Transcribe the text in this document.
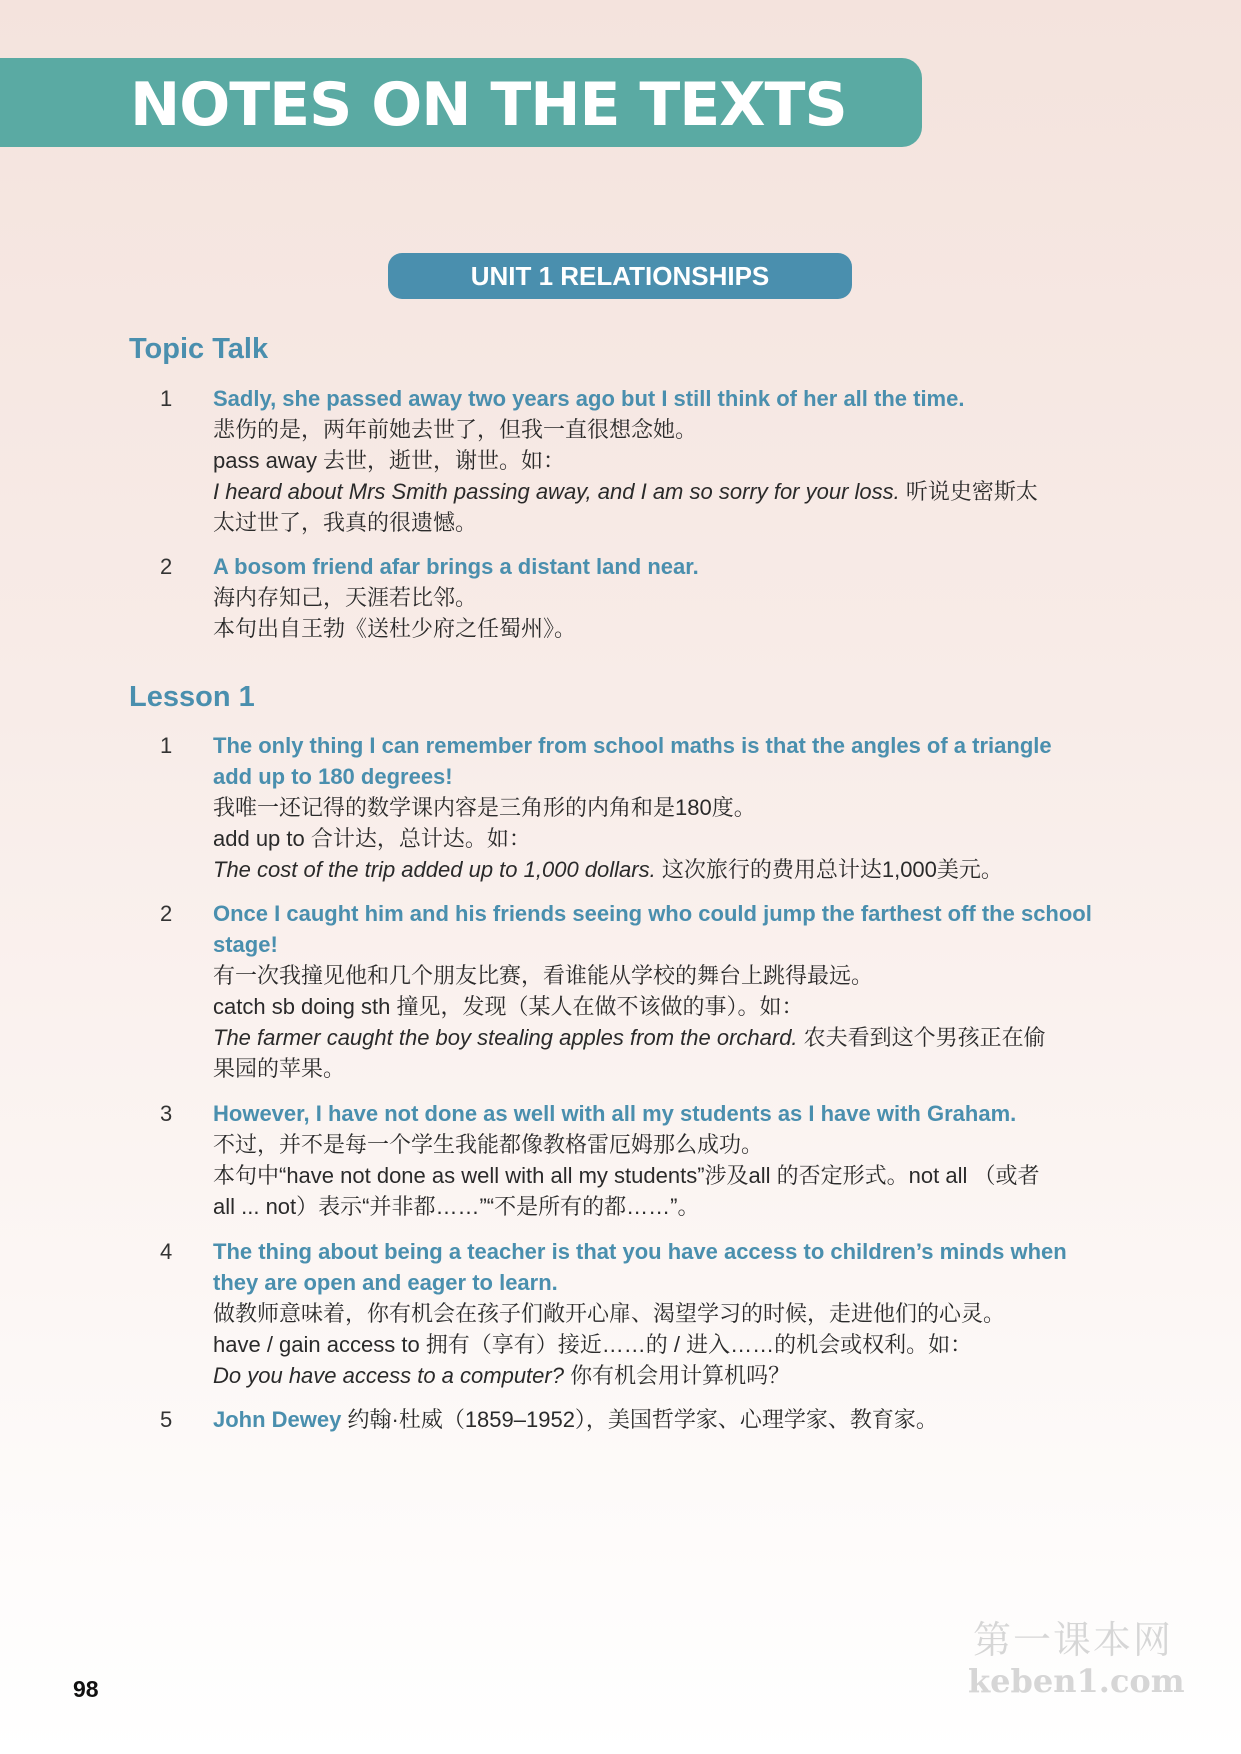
NOTES ON THE TEXTS
UNIT 1 RELATIONSHIPS
Topic Talk
1	Sadly, she passed away two years ago but I still think of her all the time.
悲伤的是，两年前她去世了，但我一直很想念她。
pass away 去世，逝世，谢世。如：
I heard about Mrs Smith passing away, and I am so sorry for your loss. 听说史密斯太
太过世了，我真的很遗憾。
2	A bosom friend afar brings a distant land near.
海内存知己，天涯若比邻。
本句出自王勃《送杜少府之任蜀州》。
Lesson 1
1	The only thing I can remember from school maths is that the angles of a triangle
add up to 180 degrees!
我唯一还记得的数学课内容是三角形的内角和是180度。
add up to 合计达，总计达。如：
The cost of the trip added up to 1,000 dollars. 这次旅行的费用总计达1,000美元。
2	Once I caught him and his friends seeing who could jump the farthest off the school
stage!
有一次我撞见他和几个朋友比赛，看谁能从学校的舞台上跳得最远。
catch sb doing sth 撞见，发现（某人在做不该做的事）。如：
The farmer caught the boy stealing apples from the orchard. 农夫看到这个男孩正在偷
果园的苹果。
3	However, I have not done as well with all my students as I have with Graham.
不过，并不是每一个学生我能都像教格雷厄姆那么成功。
本句中“have not done as well with all my students”涉及all 的否定形式。not all （或者
all ... not）表示“并非都……”“不是所有的都……”。
4	The thing about being a teacher is that you have access to children’s minds when
they are open and eager to learn.
做教师意味着，你有机会在孩子们敞开心扉、渴望学习的时候，走进他们的心灵。
have / gain access to 拥有（享有）接近……的 / 进入……的机会或权利。如：
Do you have access to a computer? 你有机会用计算机吗？
5	John Dewey 约翰·杜威（1859–1952），美国哲学家、心理学家、教育家。
98
第一课本网
keben1.com
